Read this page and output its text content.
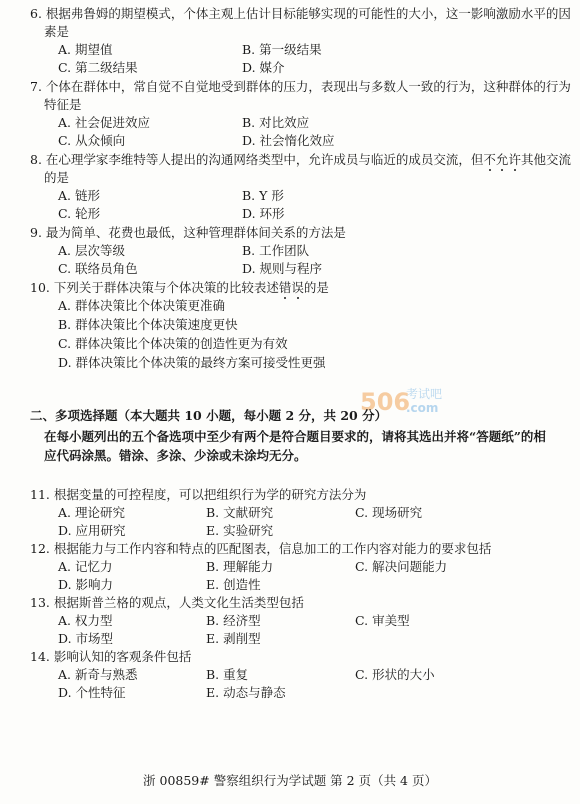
6. 根据弗鲁姆的期望模式，个体主观上估计目标能够实现的可能性的大小，这一影响激励水平的因
素是
A. 期望值	B. 第一级结果
C. 第二级结果	D. 媒介
7. 个体在群体中，常自觉不自觉地受到群体的压力，表现出与多数人一致的行为，这种群体的行为
特征是
A. 社会促进效应	B. 对比效应
C. 从众倾向	D. 社会惰化效应
8. 在心理学家李维特等人提出的沟通网络类型中，允许成员与临近的成员交流，但不允许其他交流
的是
A. 链形	B. Y 形
C. 轮形	D. 环形
9. 最为简单、花费也最低，这种管理群体间关系的方法是
A. 层次等级	B. 工作团队
C. 联络员角色	D. 规则与程序
10. 下列关于群体决策与个体决策的比较表述错误的是
A. 群体决策比个体决策更准确
B. 群体决策比个体决策速度更快
C. 群体决策比个体决策的创造性更为有效
D. 群体决策比个体决策的最终方案可接受性更强
506
考试吧
.com
二、多项选择题（本大题共 10 小题，每小题 2 分，共 20 分）
在每小题列出的五个备选项中至少有两个是符合题目要求的，请将其选出并将“答题纸”的相
应代码涂黑。错涂、多涂、少涂或未涂均无分。
11. 根据变量的可控程度，可以把组织行为学的研究方法分为
A. 理论研究	B. 文献研究	C. 现场研究
D. 应用研究	E. 实验研究
12. 根据能力与工作内容和特点的匹配图表，信息加工的工作内容对能力的要求包括
A. 记忆力	B. 理解能力	C. 解决问题能力
D. 影响力	E. 创造性
13. 根据斯普兰格的观点，人类文化生活类型包括
A. 权力型	B. 经济型	C. 审美型
D. 市场型	E. 剥削型
14. 影响认知的客观条件包括
A. 新奇与熟悉	B. 重复	C. 形状的大小
D. 个性特征	E. 动态与静态
浙 00859# 警察组织行为学试题 第 2 页（共 4 页）
